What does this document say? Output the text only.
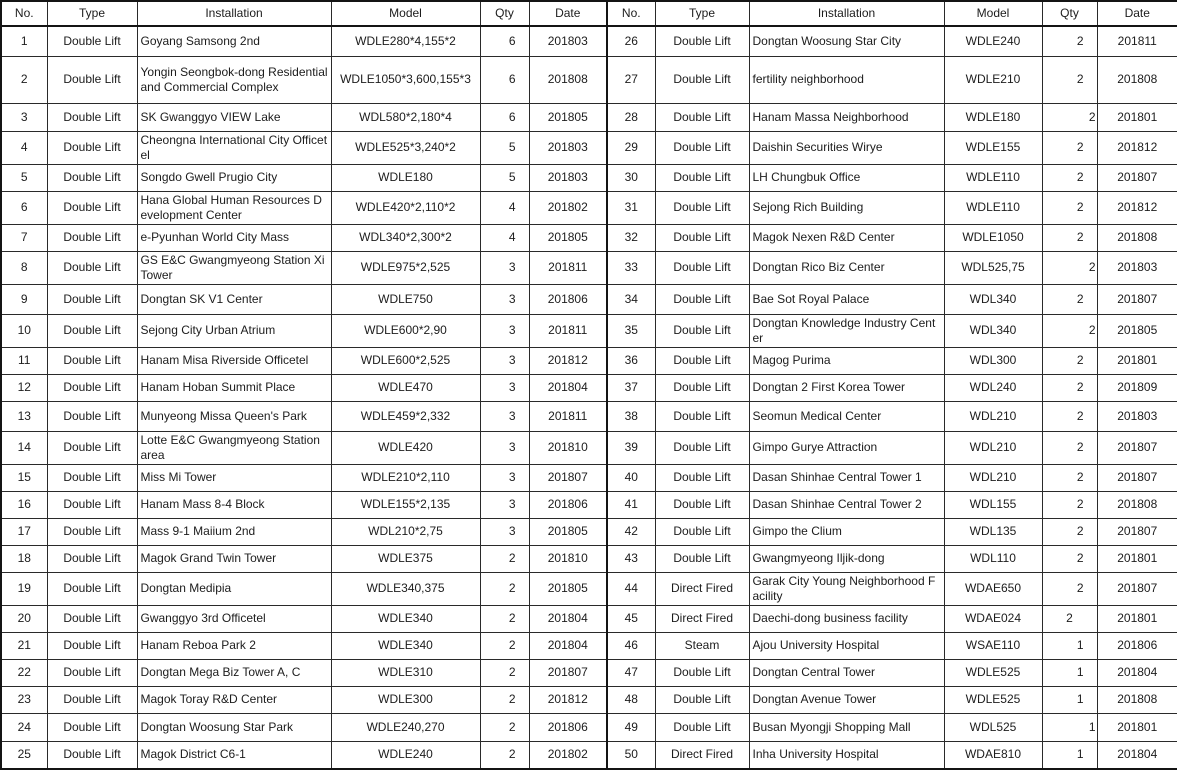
No.	Type	Installation	Model	Qty	Date	No.	Type	Installation	Model	Qty	Date
1	Double Lift	Goyang Samsong 2nd	WDLE280*4,155*2	6	201803	26	Double Lift	Dongtan Woosung Star City	WDLE240	2	201811
2	Double Lift	Yongin Seongbok-dong Residential and Commercial Complex	WDLE1050*3,600,155*3	6	201808	27	Double Lift	fertility neighborhood	WDLE210	2	201808
3	Double Lift	SK Gwanggyo VIEW Lake	WDL580*2,180*4	6	201805	28	Double Lift	Hanam Massa Neighborhood	WDLE180	2	201801
4	Double Lift	Cheongna International City Officetel	WDLE525*3,240*2	5	201803	29	Double Lift	Daishin Securities Wirye	WDLE155	2	201812
5	Double Lift	Songdo Gwell Prugio City	WDLE180	5	201803	30	Double Lift	LH Chungbuk Office	WDLE110	2	201807
6	Double Lift	Hana Global Human Resources Development Center	WDLE420*2,110*2	4	201802	31	Double Lift	Sejong Rich Building	WDLE110	2	201812
7	Double Lift	e-Pyunhan World City Mass	WDL340*2,300*2	4	201805	32	Double Lift	Magok Nexen R&D Center	WDLE1050	2	201808
8	Double Lift	GS E&C Gwangmyeong Station Xi Tower	WDLE975*2,525	3	201811	33	Double Lift	Dongtan Rico Biz Center	WDL525,75	2	201803
9	Double Lift	Dongtan SK V1 Center	WDLE750	3	201806	34	Double Lift	Bae Sot Royal Palace	WDL340	2	201807
10	Double Lift	Sejong City Urban Atrium	WDLE600*2,90	3	201811	35	Double Lift	Dongtan Knowledge Industry Center	WDL340	2	201805
11	Double Lift	Hanam Misa Riverside Officetel	WDLE600*2,525	3	201812	36	Double Lift	Magog Purima	WDL300	2	201801
12	Double Lift	Hanam Hoban Summit Place	WDLE470	3	201804	37	Double Lift	Dongtan 2 First Korea Tower	WDL240	2	201809
13	Double Lift	Munyeong Missa Queen's Park	WDLE459*2,332	3	201811	38	Double Lift	Seomun Medical Center	WDL210	2	201803
14	Double Lift	Lotte E&C Gwangmyeong Station area	WDLE420	3	201810	39	Double Lift	Gimpo Gurye Attraction	WDL210	2	201807
15	Double Lift	Miss Mi Tower	WDLE210*2,110	3	201807	40	Double Lift	Dasan Shinhae Central Tower 1	WDL210	2	201807
16	Double Lift	Hanam Mass 8-4 Block	WDLE155*2,135	3	201806	41	Double Lift	Dasan Shinhae Central Tower 2	WDL155	2	201808
17	Double Lift	Mass 9-1 Maiium 2nd	WDL210*2,75	3	201805	42	Double Lift	Gimpo the Clium	WDL135	2	201807
18	Double Lift	Magok Grand Twin Tower	WDLE375	2	201810	43	Double Lift	Gwangmyeong Iljik-dong	WDL110	2	201801
19	Double Lift	Dongtan Medipia	WDLE340,375	2	201805	44	Direct Fired	Garak City Young Neighborhood Facility	WDAE650	2	201807
20	Double Lift	Gwanggyo 3rd Officetel	WDLE340	2	201804	45	Direct Fired	Daechi-dong business facility	WDAE024	2	201801
21	Double Lift	Hanam Reboa Park 2	WDLE340	2	201804	46	Steam	Ajou University Hospital	WSAE110	1	201806
22	Double Lift	Dongtan Mega Biz Tower A, C	WDLE310	2	201807	47	Double Lift	Dongtan Central Tower	WDLE525	1	201804
23	Double Lift	Magok Toray R&D Center	WDLE300	2	201812	48	Double Lift	Dongtan Avenue Tower	WDLE525	1	201808
24	Double Lift	Dongtan Woosung Star Park	WDLE240,270	2	201806	49	Double Lift	Busan Myongji Shopping Mall	WDL525	1	201801
25	Double Lift	Magok District C6-1	WDLE240	2	201802	50	Direct Fired	Inha University Hospital	WDAE810	1	201804
